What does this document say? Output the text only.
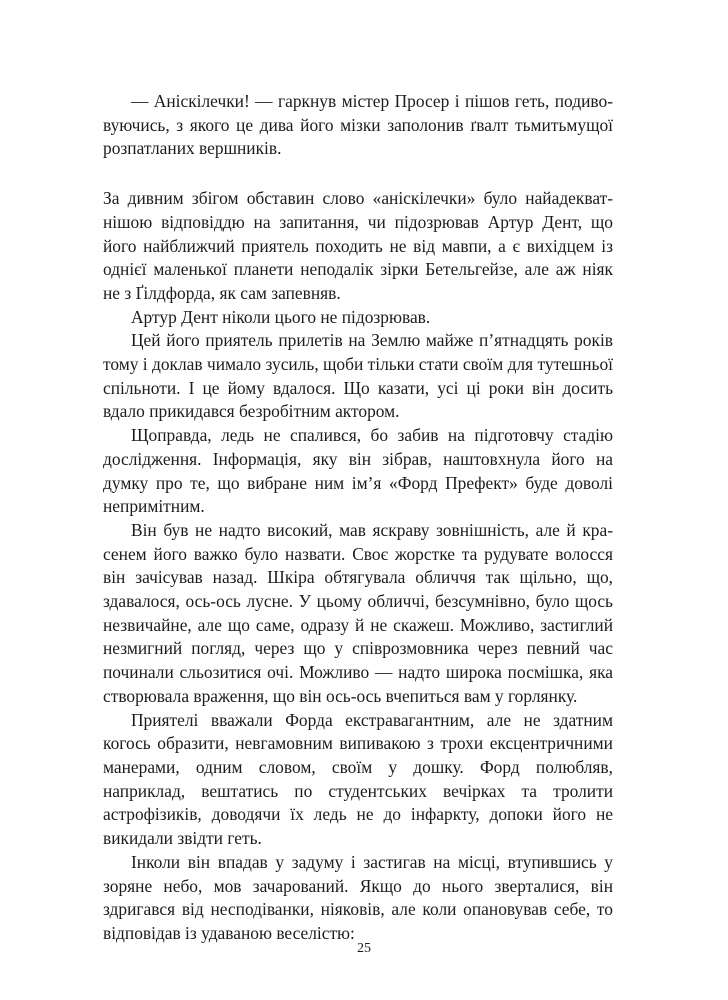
— Аніскілечки! — гаркнув містер Просер і пішов геть, подивовуючись, з якого це дива його мізки заполонив ґвалт тьмитьмущої розпатланих вершників.

За дивним збігом обставин слово «аніскілечки» було найадекватнішою відповіддю на запитання, чи підозрював Артур Дент, що його найближчий приятель походить не від мавпи, а є вихідцем із однієї маленької планети неподалік зірки Бетельгейзе, але аж ніяк не з Ґілдфорда, як сам запевняв.

Артур Дент ніколи цього не підозрював.

Цей його приятель прилетів на Землю майже п’ятнадцять років тому і доклав чимало зусиль, щоби тільки стати своїм для тутешньої спільноти. І це йому вдалося. Що казати, усі ці роки він досить вдало прикидався безробітним актором.

Щоправда, ледь не спалився, бо забив на підготовчу стадію дослідження. Інформація, яку він зібрав, наштовхнула його на думку про те, що вибране ним ім’я «Форд Префект» буде доволі непримітним.

Він був не надто високий, мав яскраву зовнішність, але й красенем його важко було назвати. Своє жорстке та рудувате волосся він зачісував назад. Шкіра обтягувала обличчя так щільно, що, здавалося, ось-ось лусне. У цьому обличчі, безсумнівно, було щось незвичайне, але що саме, одразу й не скажеш. Можливо, застиглий незмигний погляд, через що у співрозмовника через певний час починали сльозитися очі. Можливо — надто широка посмішка, яка створювала враження, що він ось-ось вчепиться вам у горлянку.

Приятелі вважали Форда екстравагантним, але не здатним когось образити, невгамовним випивакою з трохи ексцентричними манерами, одним словом, своїм у дошку. Форд полюбляв, наприклад, вештатись по студентських вечірках та тролити астрофізиків, доводячи їх ледь не до інфаркту, допоки його не викидали звідти геть.

Інколи він впадав у задуму і застигав на місці, втупившись у зоряне небо, мов зачарований. Якщо до нього зверталися, він здригався від несподіванки, ніяковів, але коли опановував себе, то відповідав із удаваною веселістю:

25
